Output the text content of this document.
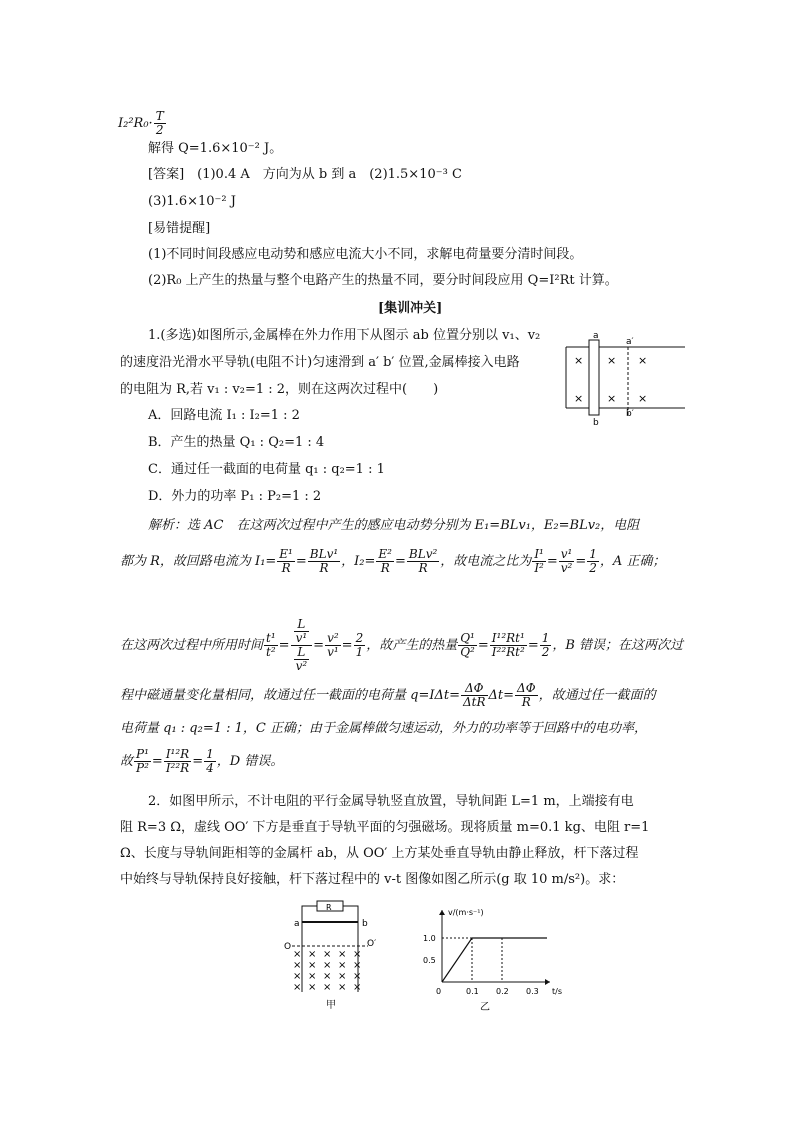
$I_2^2R_0\cdot \frac{T}{2}$
解得 Q=1.6×10⁻² J。
[答案]　(1)0.4 A　方向为从 b 到 a　(2)1.5×10⁻³ C
(3)1.6×10⁻² J
[易错提醒]
(1)不同时间段感应电动势和感应电流大小不同，求解电荷量要分清时间段。
(2)R₀ 上产生的热量与整个电路产生的热量不同，要分时间段应用 Q=I²Rt 计算。
[集训冲关]
1.(多选)如图所示,金属棒在外力作用下从图示 ab 位置分别以 v₁、v₂
的速度沿光滑水平导轨(电阻不计)匀速滑到 a′ b′ 位置,金属棒接入电路
的电阻为 R,若 v₁ : v₂=1 : 2，则在这两次过程中(　　)
A．回路电流 I₁ : I₂=1 : 2
B．产生的热量 Q₁ : Q₂=1 : 4
C．通过任一截面的电荷量 q₁ : q₂=1 : 1
D．外力的功率 P₁ : P₂=1 : 2
a
b
a′
b′
×
×
×
×
×
×
解析：选 AC　在这两次过程中产生的感应电动势分别为 E₁=BLv₁，E₂=BLv₂，电阻
都为 R，故回路电流为 $I_1= \frac{\text{E¹}}{R} = \frac{\text{BLv¹}}{R}$ ，$I_2= \frac{\text{E²}}{R} = \frac{\text{BLv²}}{R}$ ，故电流之比为 $\frac{\text{I¹}}{\text{I²}} = \frac{\text{v¹}}{\text{v²}} = \frac{1}{2}$ ，A 正确；
在这两次过程中所用时间 $\frac{\text{t¹}}{\text{t²}} = \frac{\frac{L}{\text{v¹}}}{\frac{L}{\text{v²}}} = \frac{\text{v²}}{\text{v¹}} = \frac{2}{1}$ ，故产生的热量 $\frac{\text{Q¹}}{\text{Q²}} = \frac{\text{I¹²Rt¹}}{\text{I²²Rt²}} = \frac{1}{2}$ ，B 错误；在这两次过
程中磁通量变化量相同，故通过任一截面的电荷量 $q=I\Delta t= \frac{\Delta\Phi}{\text{ΔtR}} \Delta t= \frac{\Delta\Phi}{R}$ ，故通过任一截面的
电荷量 q₁ : q₂=1 : 1，C 正确；由于金属棒做匀速运动，外力的功率等于回路中的电功率，
故 $\frac{\text{P¹}}{\text{P²}} = \frac{\text{I¹²R}}{\text{I²²R}} = \frac{1}{4}$ ，D 错误。
2．如图甲所示，不计电阻的平行金属导轨竖直放置，导轨间距 L=1 m，上端接有电
阻 R=3 Ω，虚线 OO′ 下方是垂直于导轨平面的匀强磁场。现将质量 m=0.1 kg、电阻 r=1
Ω、长度与导轨间距相等的金属杆 ab，从 OO′ 上方某处垂直导轨由静止释放，杆下落过程
中始终与导轨保持良好接触，杆下落过程中的 v-t 图像如图乙所示(g 取 10 m/s²)。求：
R
a	b
O	O′
× × × × ×
× × × × ×
× × × × ×
× × × × ×
甲
v/(m·s⁻¹)
t/s
0
乙
0.1 0.2 0.3
0.5
1.0
